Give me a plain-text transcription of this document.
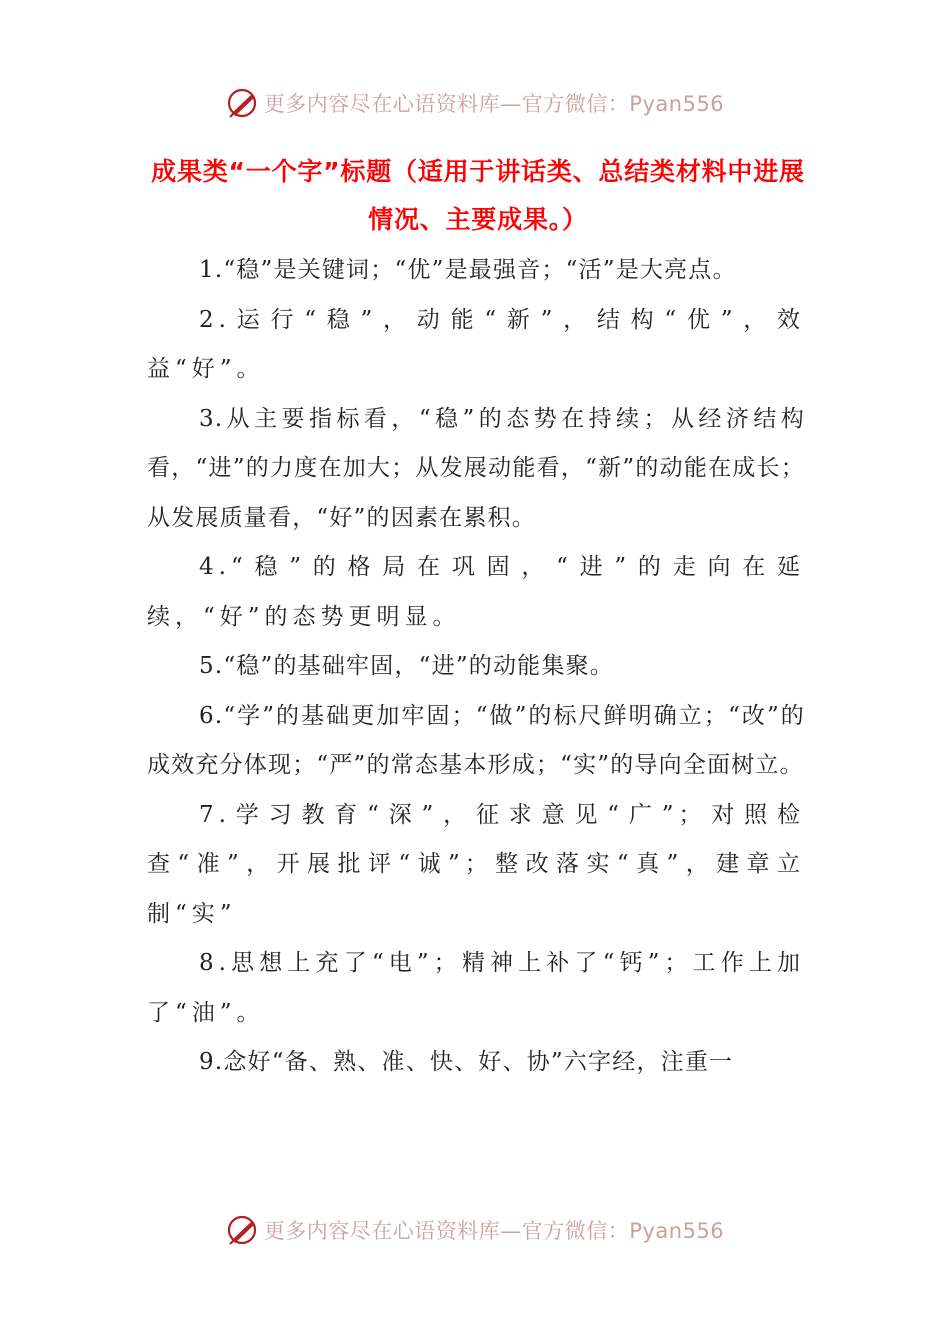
更多内容尽在心语资料库—官方微信：Pyan556
成果类“一个字”标题（适用于讲话类、总结类材料中进展情况、主要成果。）

1.“稳”是关键词；“优”是最强音；“活”是大亮点。

2.运行“稳”，动能“新”，结构“优”，效益“好”。

3.从主要指标看，“稳”的态势在持续；从经济结构看，“进”的力度在加大；从发展动能看，“新”的动能在成长；从发展质量看，“好”的因素在累积。

4.“稳”的格局在巩固，“进”的走向在延续，“好”的态势更明显。

5.“稳”的基础牢固，“进”的动能集聚。

6.“学”的基础更加牢固；“做”的标尺鲜明确立；“改”的成效充分体现；“严”的常态基本形成；“实”的导向全面树立。

7.学习教育“深”，征求意见“广”；对照检查“准”，开展批评“诚”；整改落实“真”，建章立制“实”

8.思想上充了“电”；精神上补了“钙”；工作上加了“油”。

9.念好“备、熟、准、快、好、协”六字经，注重一

更多内容尽在心语资料库—官方微信：Pyan556
